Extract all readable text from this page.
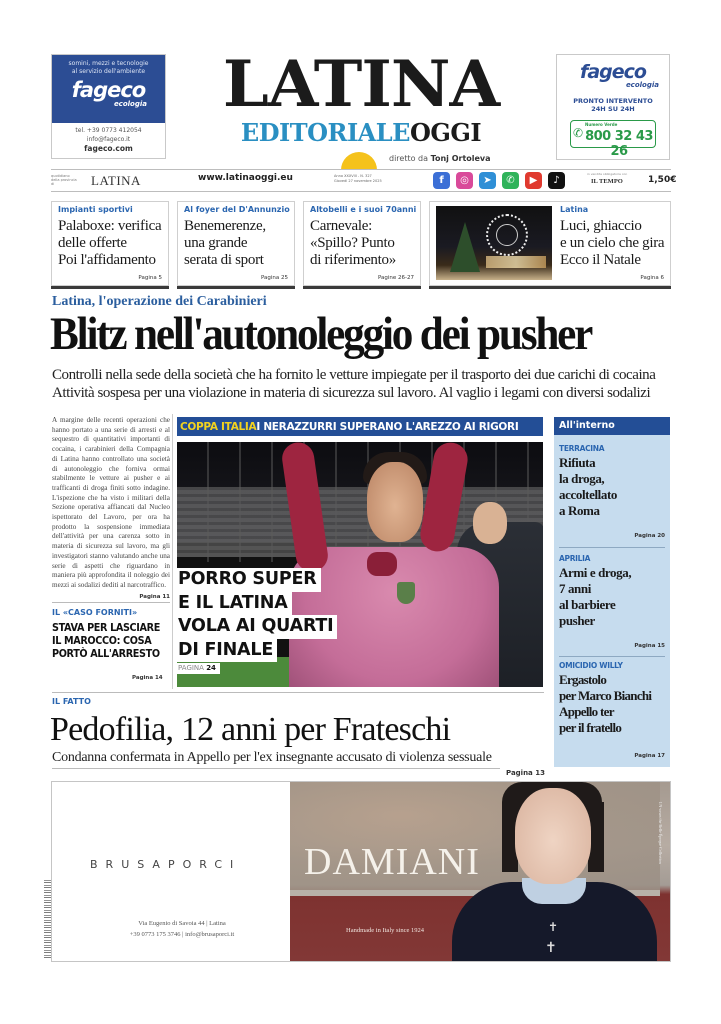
somini, mezzi e tecnologie
al servizio dell'ambiente
fageco
ecologia
tel. +39 0773 412054
info@fageco.it
fageco.com
LATINA
EDITORIALEOGGI
diretto da Tonj Ortoleva
fageco
ecologia
PRONTO INTERVENTO
24H SU 24H
✆
Numero Verde
800 32 43 26
quotidiano della provincia di	LATINA	www.latinaoggi.eu	Anno XXXVIII - N. 327
Giovedì 27 novembre 2025	f	◎	➤	✆	▶	♪
in vendita obbligatoria con
IL TEMPO	1,50€
Impianti sportivi
Palaboxe: verifica
delle offerte
Poi l'affidamento
Pagina 5
Al foyer del D'Annunzio
Benemerenze,
una grande
serata di sport
Pagina 25
Altobelli e i suoi 70anni
Carnevale:
«Spillo? Punto
di riferimento»
Pagine 26-27
Latina
Luci, ghiaccio
e un cielo che gira
Ecco il Natale
Pagina 6
Latina, l'operazione dei Carabinieri
Blitz nell'autonoleggio dei pusher
Controlli nella sede della società che ha fornito le vetture impiegate per il trasporto dei due carichi di cocaina
Attività sospesa per una violazione in materia di sicurezza sul lavoro. Al vaglio i legami con diversi sodalizi
A margine delle recenti operazioni che hanno portato a una serie di arresti e al sequestro di quantitativi importanti di cocaina, i carabinieri della Compagnia di Latina hanno controllato una società di autonoleggio che forniva ormai stabilmente le vetture ai pusher e ai trafficanti di droga finiti sotto indagine. L'ispezione che ha visto i militari della Sezione operativa affiancati dal Nucleo ispettorato del Lavoro, per ora ha prodotto la sospensione immediata dell'attività per una carenza sotto in materia di sicurezza sul lavoro, ma gli investigatori stanno valutando anche una serie di aspetti che riguardano in maniera più approfondita il noleggio dei mezzi ai sodalizi dediti al narcotraffico.
Pagina 11
IL «CASO FORNITI»
STAVA PER LASCIARE
IL MAROCCO: COSA
PORTÒ ALL'ARRESTO
Pagina 14
COPPA ITALIAI NERAZZURRI SUPERANO L'AREZZO AI RIGORI
PORRO SUPER
E IL LATINA
VOLA AI QUARTI
DI FINALE
PAGINA 24
All'interno
TERRACINA
Rifiuta
la droga,
accoltellato
a Roma
Pagina 20
APRILIA
Armi e droga,
7 anni
al barbiere
pusher
Pagina 15
OMICIDIO WILLY
Ergastolo
per Marco Bianchi
Appello ter
per il fratello
Pagina 17
IL FATTO
Pedofilia, 12 anni per Frateschi
Condanna confermata in Appello per l'ex insegnante accusato di violenza sessuale
Pagina 13
BRUSAPORCI
Via Eugenio di Savoia 44 | Latina
+39 0773 175 3746 | info@brusaporci.it
✝
✝
DAMIANI
Handmade in Italy since 1924
I.N wears the Belle Époque Collection
